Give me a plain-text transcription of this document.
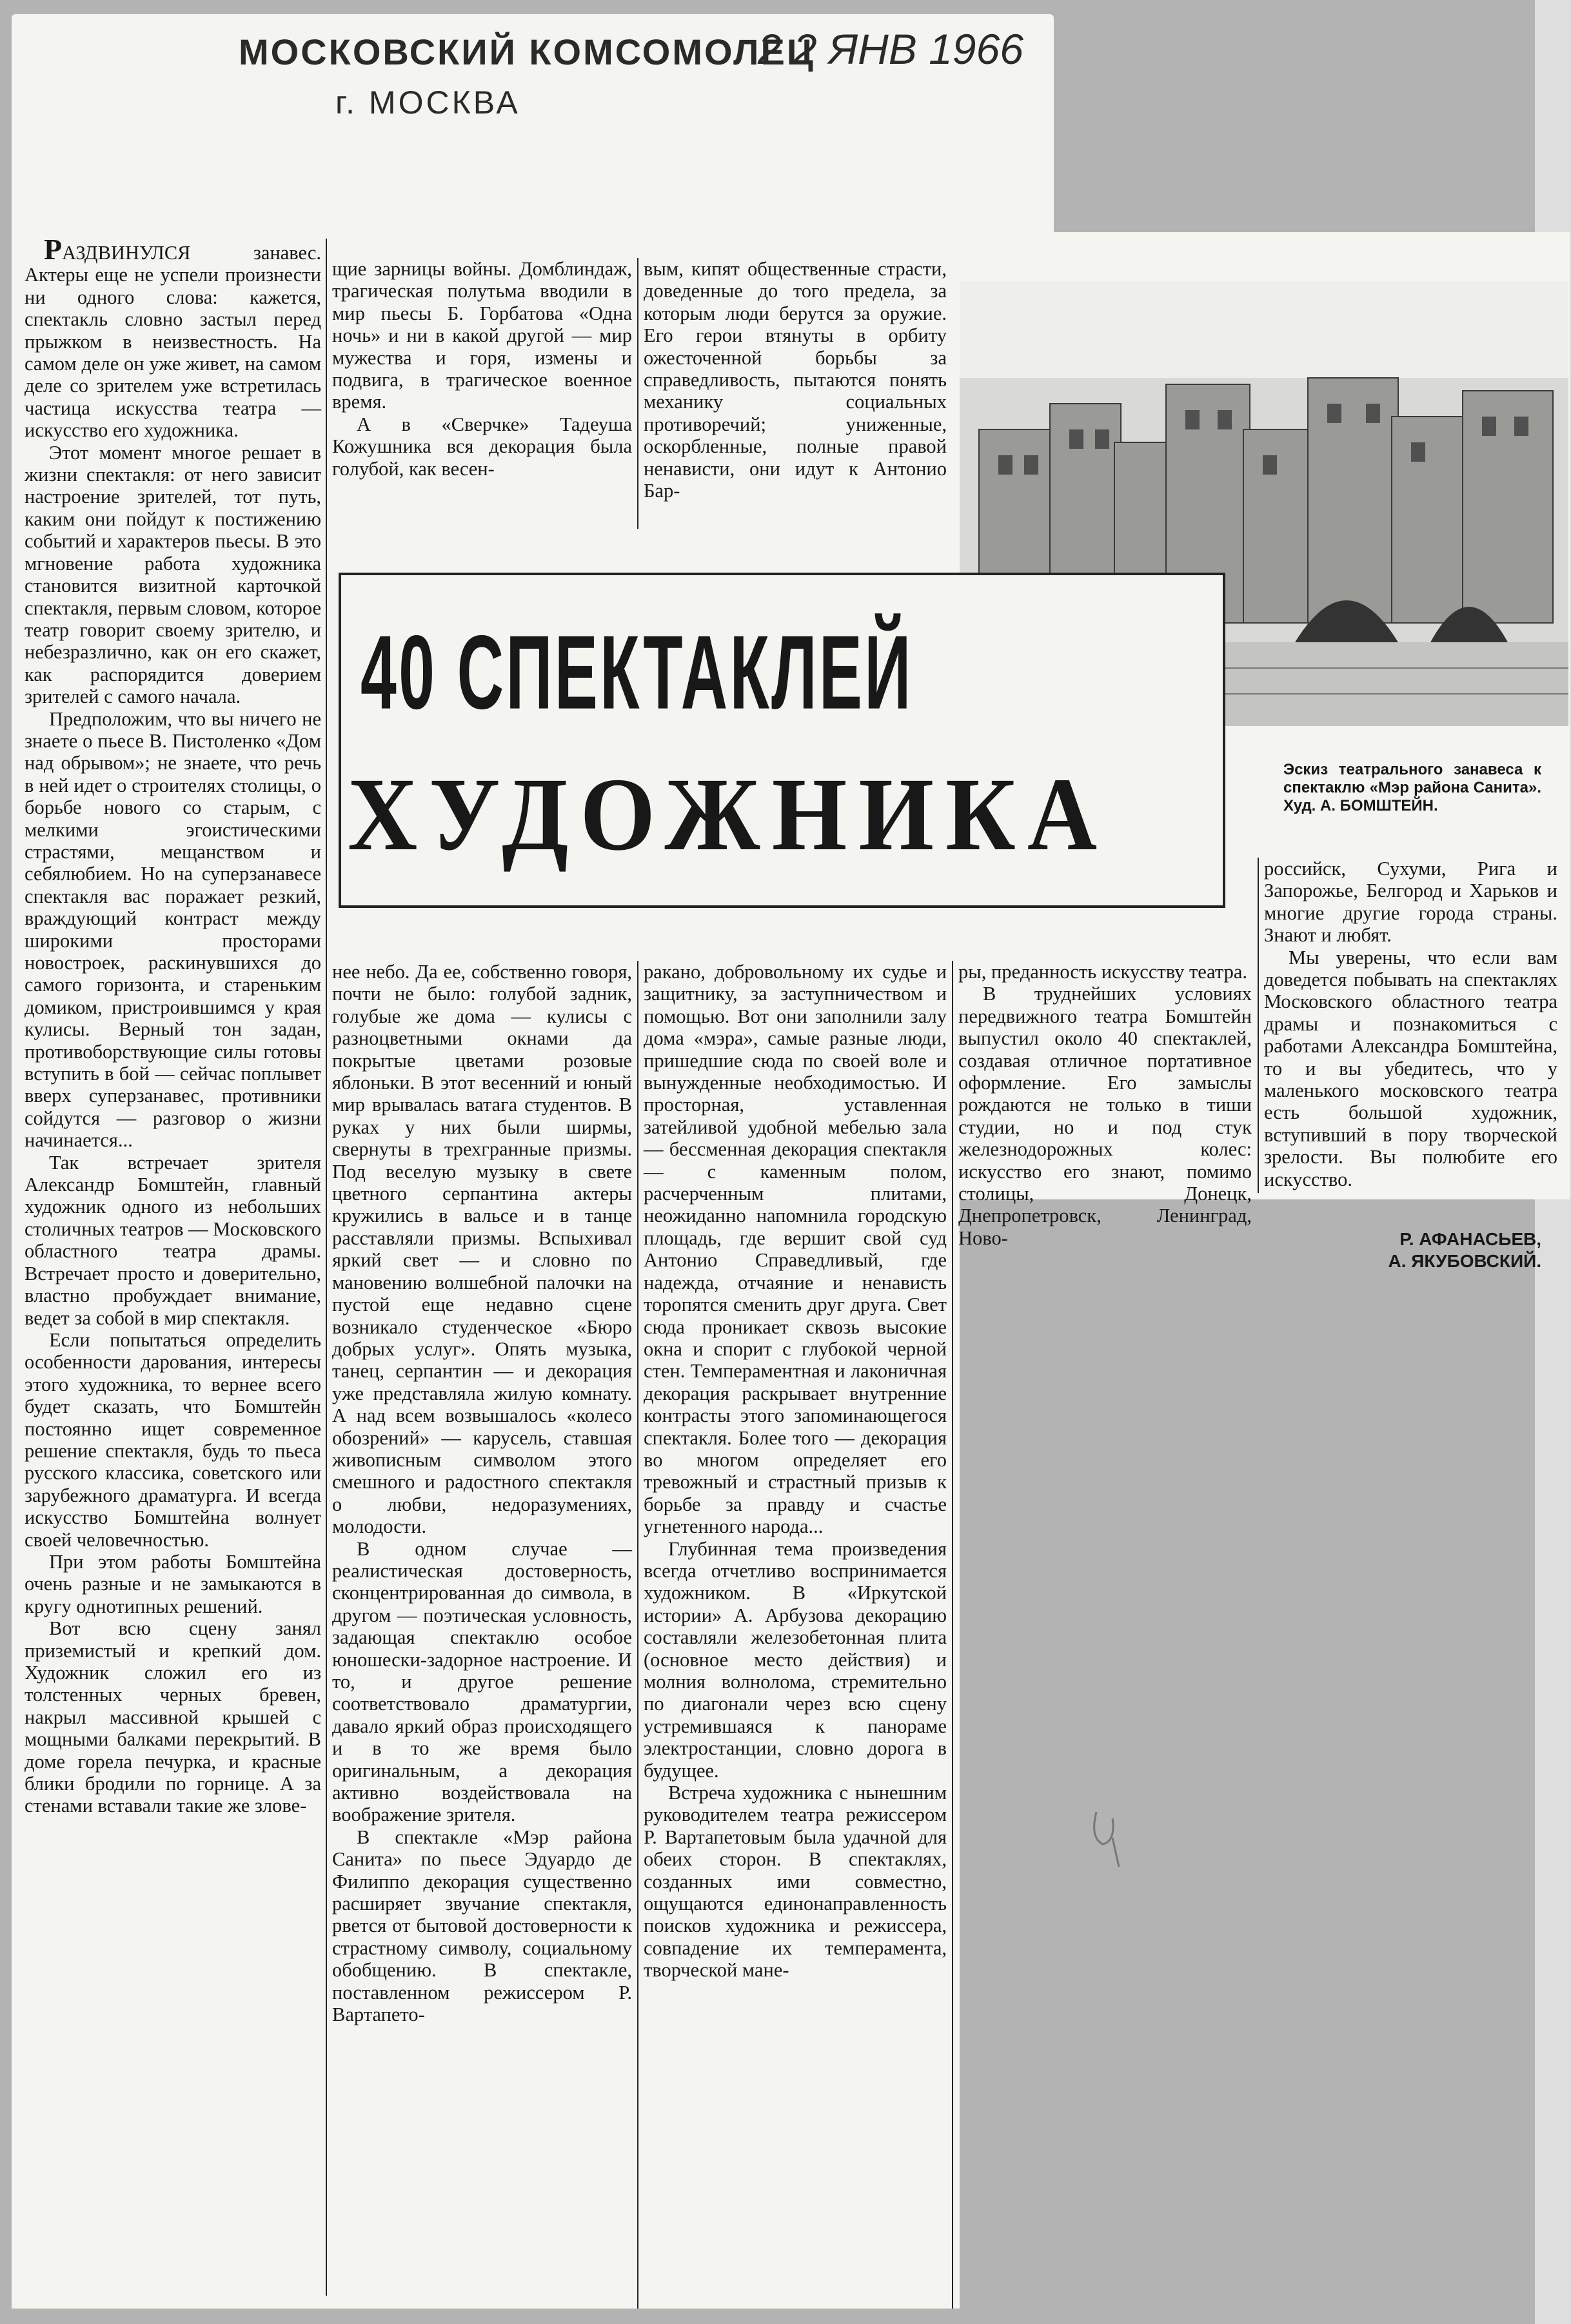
МОСКОВСКИЙ КОМСОМОЛЕЦ
г. МОСКВА
2 2 ЯНВ 1966

РАЗДВИНУЛСЯ занавес. Актеры еще не успели произнести ни одного слова: кажется, спектакль словно застыл перед прыжком в неизвестность. На самом деле он уже живет, на самом деле со зрителем уже встретилась частица искусства театра — искусство его художника.

Этот момент многое решает в жизни спектакля: от него зависит настроение зрителей, тот путь, каким они пойдут к постижению событий и характеров пьесы. В это мгновение работа художника становится визитной карточкой спектакля, первым словом, которое театр говорит своему зрителю, и небезразлично, как он его скажет, как распорядится доверием зрителей с самого начала.

Предположим, что вы ничего не знаете о пьесе В. Пистоленко «Дом над обрывом»; не знаете, что речь в ней идет о строителях столицы, о борьбе нового со старым, с мелкими эгоистическими страстями, мещанством и себялюбием. Но на суперзанавесе спектакля вас поражает резкий, враждующий контраст между широкими просторами новостроек, раскинувшихся до самого горизонта, и стареньким домиком, пристроившимся у края кулисы. Верный тон задан, противоборствующие силы готовы вступить в бой — сейчас поплывет вверх суперзанавес, противники сойдутся — разговор о жизни начинается...

Так встречает зрителя Александр Бомштейн, главный художник одного из небольших столичных театров — Московского областного театра драмы. Встречает просто и доверительно, властно пробуждает внимание, ведет за собой в мир спектакля.

Если попытаться определить особенности дарования, интересы этого художника, то вернее всего будет сказать, что Бомштейн постоянно ищет современное решение спектакля, будь то пьеса русского классика, советского или зарубежного драматурга. И всегда искусство Бомштейна волнует своей человечностью.

При этом работы Бомштейна очень разные и не замыкаются в кругу однотипных решений.

Вот всю сцену занял приземистый и крепкий дом. Художник сложил его из толстенных черных бревен, накрыл массивной крышей с мощными балками перекрытий. В доме горела печурка, и красные блики бродили по горнице. А за стенами вставали такие же злове-

щие зарницы войны. Домблиндаж, трагическая полутьма вводили в мир пьесы Б. Горбатова «Одна ночь» и ни в какой другой — мир мужества и горя, измены и подвига, в трагическое военное время.

А в «Сверчке» Тадеуша Кожушника вся декорация была голубой, как весен-

вым, кипят общественные страсти, доведенные до того предела, за которым люди берутся за оружие. Его герои втянуты в орбиту ожесточенной борьбы за справедливость, пытаются понять механику социальных противоречий; униженные, оскорбленные, полные правой ненависти, они идут к Антонио Бар-

40 СПЕКТАКЛЕЙ
ХУДОЖНИКА	Эскиз театрального занавеса к спектаклю «Мэр района Санита». Худ. А. БОМШТЕЙН.

нее небо. Да ее, собственно говоря, почти не было: голубой задник, голубые же дома — кулисы с разноцветными окнами да покрытые цветами розовые яблоньки. В этот весенний и юный мир врывалась ватага студентов. В руках у них были ширмы, свернуты в трехгранные призмы. Под веселую музыку в свете цветного серпантина актеры кружились в вальсе и в танце расставляли призмы. Вспыхивал яркий свет — и словно по мановению волшебной палочки на пустой еще недавно сцене возникало студенческое «Бюро добрых услуг». Опять музыка, танец, серпантин — и декорация уже представляла жилую комнату. А над всем возвышалось «колесо обозрений» — карусель, ставшая живописным символом этого смешного и радостного спектакля о любви, недоразумениях, молодости.

В одном случае — реалистическая достоверность, сконцентрированная до символа, в другом — поэтическая условность, задающая спектаклю особое юношески-задорное настроение. И то, и другое решение соответствовало драматургии, давало яркий образ происходящего и в то же время было оригинальным, а декорация активно воздействовала на воображение зрителя.

В спектакле «Мэр района Санита» по пьесе Эдуардо де Филиппо декорация существенно расширяет звучание спектакля, рвется от бытовой достоверности к страстному символу, социальному обобщению. В спектакле, поставленном режиссером Р. Вартапето-

ракано, добровольному их судье и защитнику, за заступничеством и помощью. Вот они заполнили залу дома «мэра», самые разные люди, пришедшие сюда по своей воле и вынужденные необходимостью. И просторная, уставленная затейливой удобной мебелью зала — бессменная декорация спектакля — с каменным полом, расчерченным плитами, неожиданно напомнила городскую площадь, где вершит свой суд Антонио Справедливый, где надежда, отчаяние и ненависть торопятся сменить друг друга. Свет сюда проникает сквозь высокие окна и спорит с глубокой черной стен. Темпераментная и лаконичная декорация раскрывает внутренние контрасты этого запоминающегося спектакля. Более того — декорация во многом определяет его тревожный и страстный призыв к борьбе за правду и счастье угнетенного народа...

Глубинная тема произведения всегда отчетливо воспринимается художником. В «Иркутской истории» А. Арбузова декорацию составляли железобетонная плита (основное место действия) и молния волнолома, стремительно по диагонали через всю сцену устремившаяся к панораме электростанции, словно дорога в будущее.

Встреча художника с нынешним руководителем театра режиссером Р. Вартапетовым была удачной для обеих сторон. В спектаклях, созданных ими совместно, ощущаются единонаправленность поисков художника и режиссера, совпадение их темперамента, творческой мане-

ры, преданность искусству театра.

В труднейших условиях передвижного театра Бомштейн выпустил около 40 спектаклей, создавая отличное портативное оформление. Его замыслы рождаются не только в тиши студии, но и под стук железнодорожных колес: искусство его знают, помимо столицы, Донецк, Днепропетровск, Ленинград, Ново-

российск, Сухуми, Рига и Запорожье, Белгород и Харьков и многие другие города страны. Знают и любят.

Мы уверены, что если вам доведется побывать на спектаклях Московского областного театра драмы и познакомиться с работами Александра Бомштейна, то и вы убедитесь, что у маленького московского театра есть большой художник, вступивший в пору творческой зрелости. Вы полюбите его искусство.

Р. АФАНАСЬЕВ,
А. ЯКУБОВСКИЙ.
